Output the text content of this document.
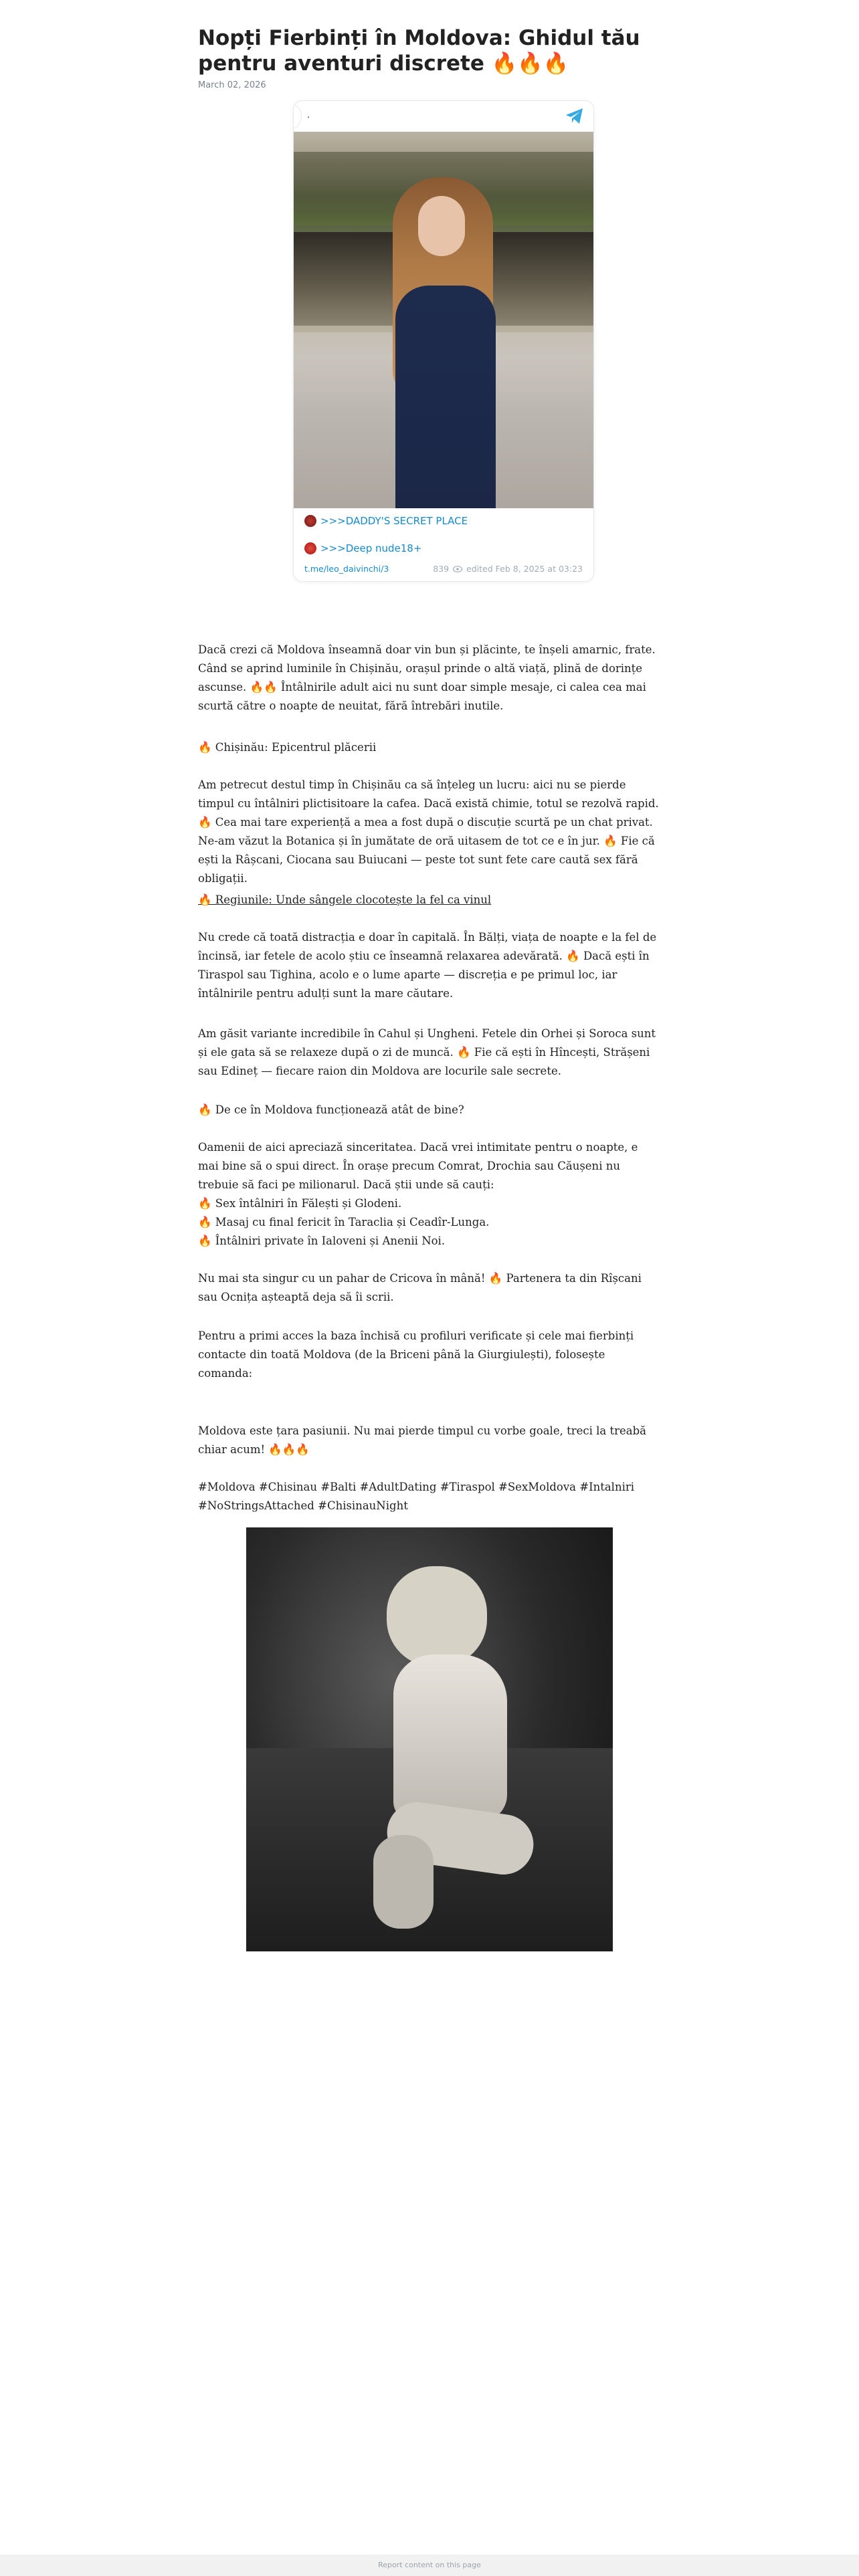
Nopți Fierbinți în Moldova: Ghidul tău pentru aventuri discrete 🔥🔥🔥
March 02, 2026
.
>>>DADDY'S SECRET PLACE
>>>Deep nude18+
t.me/leo_daivinchi/3	839 edited Feb 8, 2025 at 03:23

Dacă crezi că Moldova înseamnă doar vin bun și plăcinte, te înșeli amarnic, frate. Când se aprind luminile în Chișinău, orașul prinde o altă viață, plină de dorințe ascunse. 🔥🔥 Întâlnirile adult aici nu sunt doar simple mesaje, ci calea cea mai scurtă către o noapte de neuitat, fără întrebări inutile.

🔥 Chișinău: Epicentrul plăcerii

Am petrecut destul timp în Chișinău ca să înțeleg un lucru: aici nu se pierde timpul cu întâlniri plictisitoare la cafea. Dacă există chimie, totul se rezolvă rapid. 🔥 Cea mai tare experiență a mea a fost după o discuție scurtă pe un chat privat. Ne-am văzut la Botanica și în jumătate de oră uitasem de tot ce e în jur. 🔥 Fie că ești la Râșcani, Ciocana sau Buiucani — peste tot sunt fete care caută sex fără obligații.

🔥 Regiunile: Unde sângele clocotește la fel ca vinul

Nu crede că toată distracția e doar în capitală. În Bălți, viața de noapte e la fel de încinsă, iar fetele de acolo știu ce înseamnă relaxarea adevărată. 🔥 Dacă ești în Tiraspol sau Tighina, acolo e o lume aparte — discreția e pe primul loc, iar întâlnirile pentru adulți sunt la mare căutare.

Am găsit variante incredibile în Cahul și Ungheni. Fetele din Orhei și Soroca sunt și ele gata să se relaxeze după o zi de muncă. 🔥 Fie că ești în Hîncești, Strășeni sau Edineț — fiecare raion din Moldova are locurile sale secrete.

🔥 De ce în Moldova funcționează atât de bine?

Oamenii de aici apreciază sinceritatea. Dacă vrei intimitate pentru o noapte, e mai bine să o spui direct. În orașe precum Comrat, Drochia sau Căușeni nu trebuie să faci pe milionarul. Dacă știi unde să cauți:
🔥 Sex întâlniri în Fălești și Glodeni.
🔥 Masaj cu final fericit în Taraclia și Ceadîr-Lunga.
🔥 Întâlniri private în Ialoveni și Anenii Noi.

Nu mai sta singur cu un pahar de Cricova în mână! 🔥 Partenera ta din Rîșcani sau Ocnița așteaptă deja să îi scrii.

Pentru a primi acces la baza închisă cu profiluri verificate și cele mai fierbinți contacte din toată Moldova (de la Briceni până la Giurgiulești), folosește comanda:

Moldova este țara pasiunii. Nu mai pierde timpul cu vorbe goale, treci la treabă chiar acum! 🔥🔥🔥

#Moldova #Chisinau #Balti #AdultDating #Tiraspol #SexMoldova #Intalniri #NoStringsAttached #ChisinauNight

Report content on this page
